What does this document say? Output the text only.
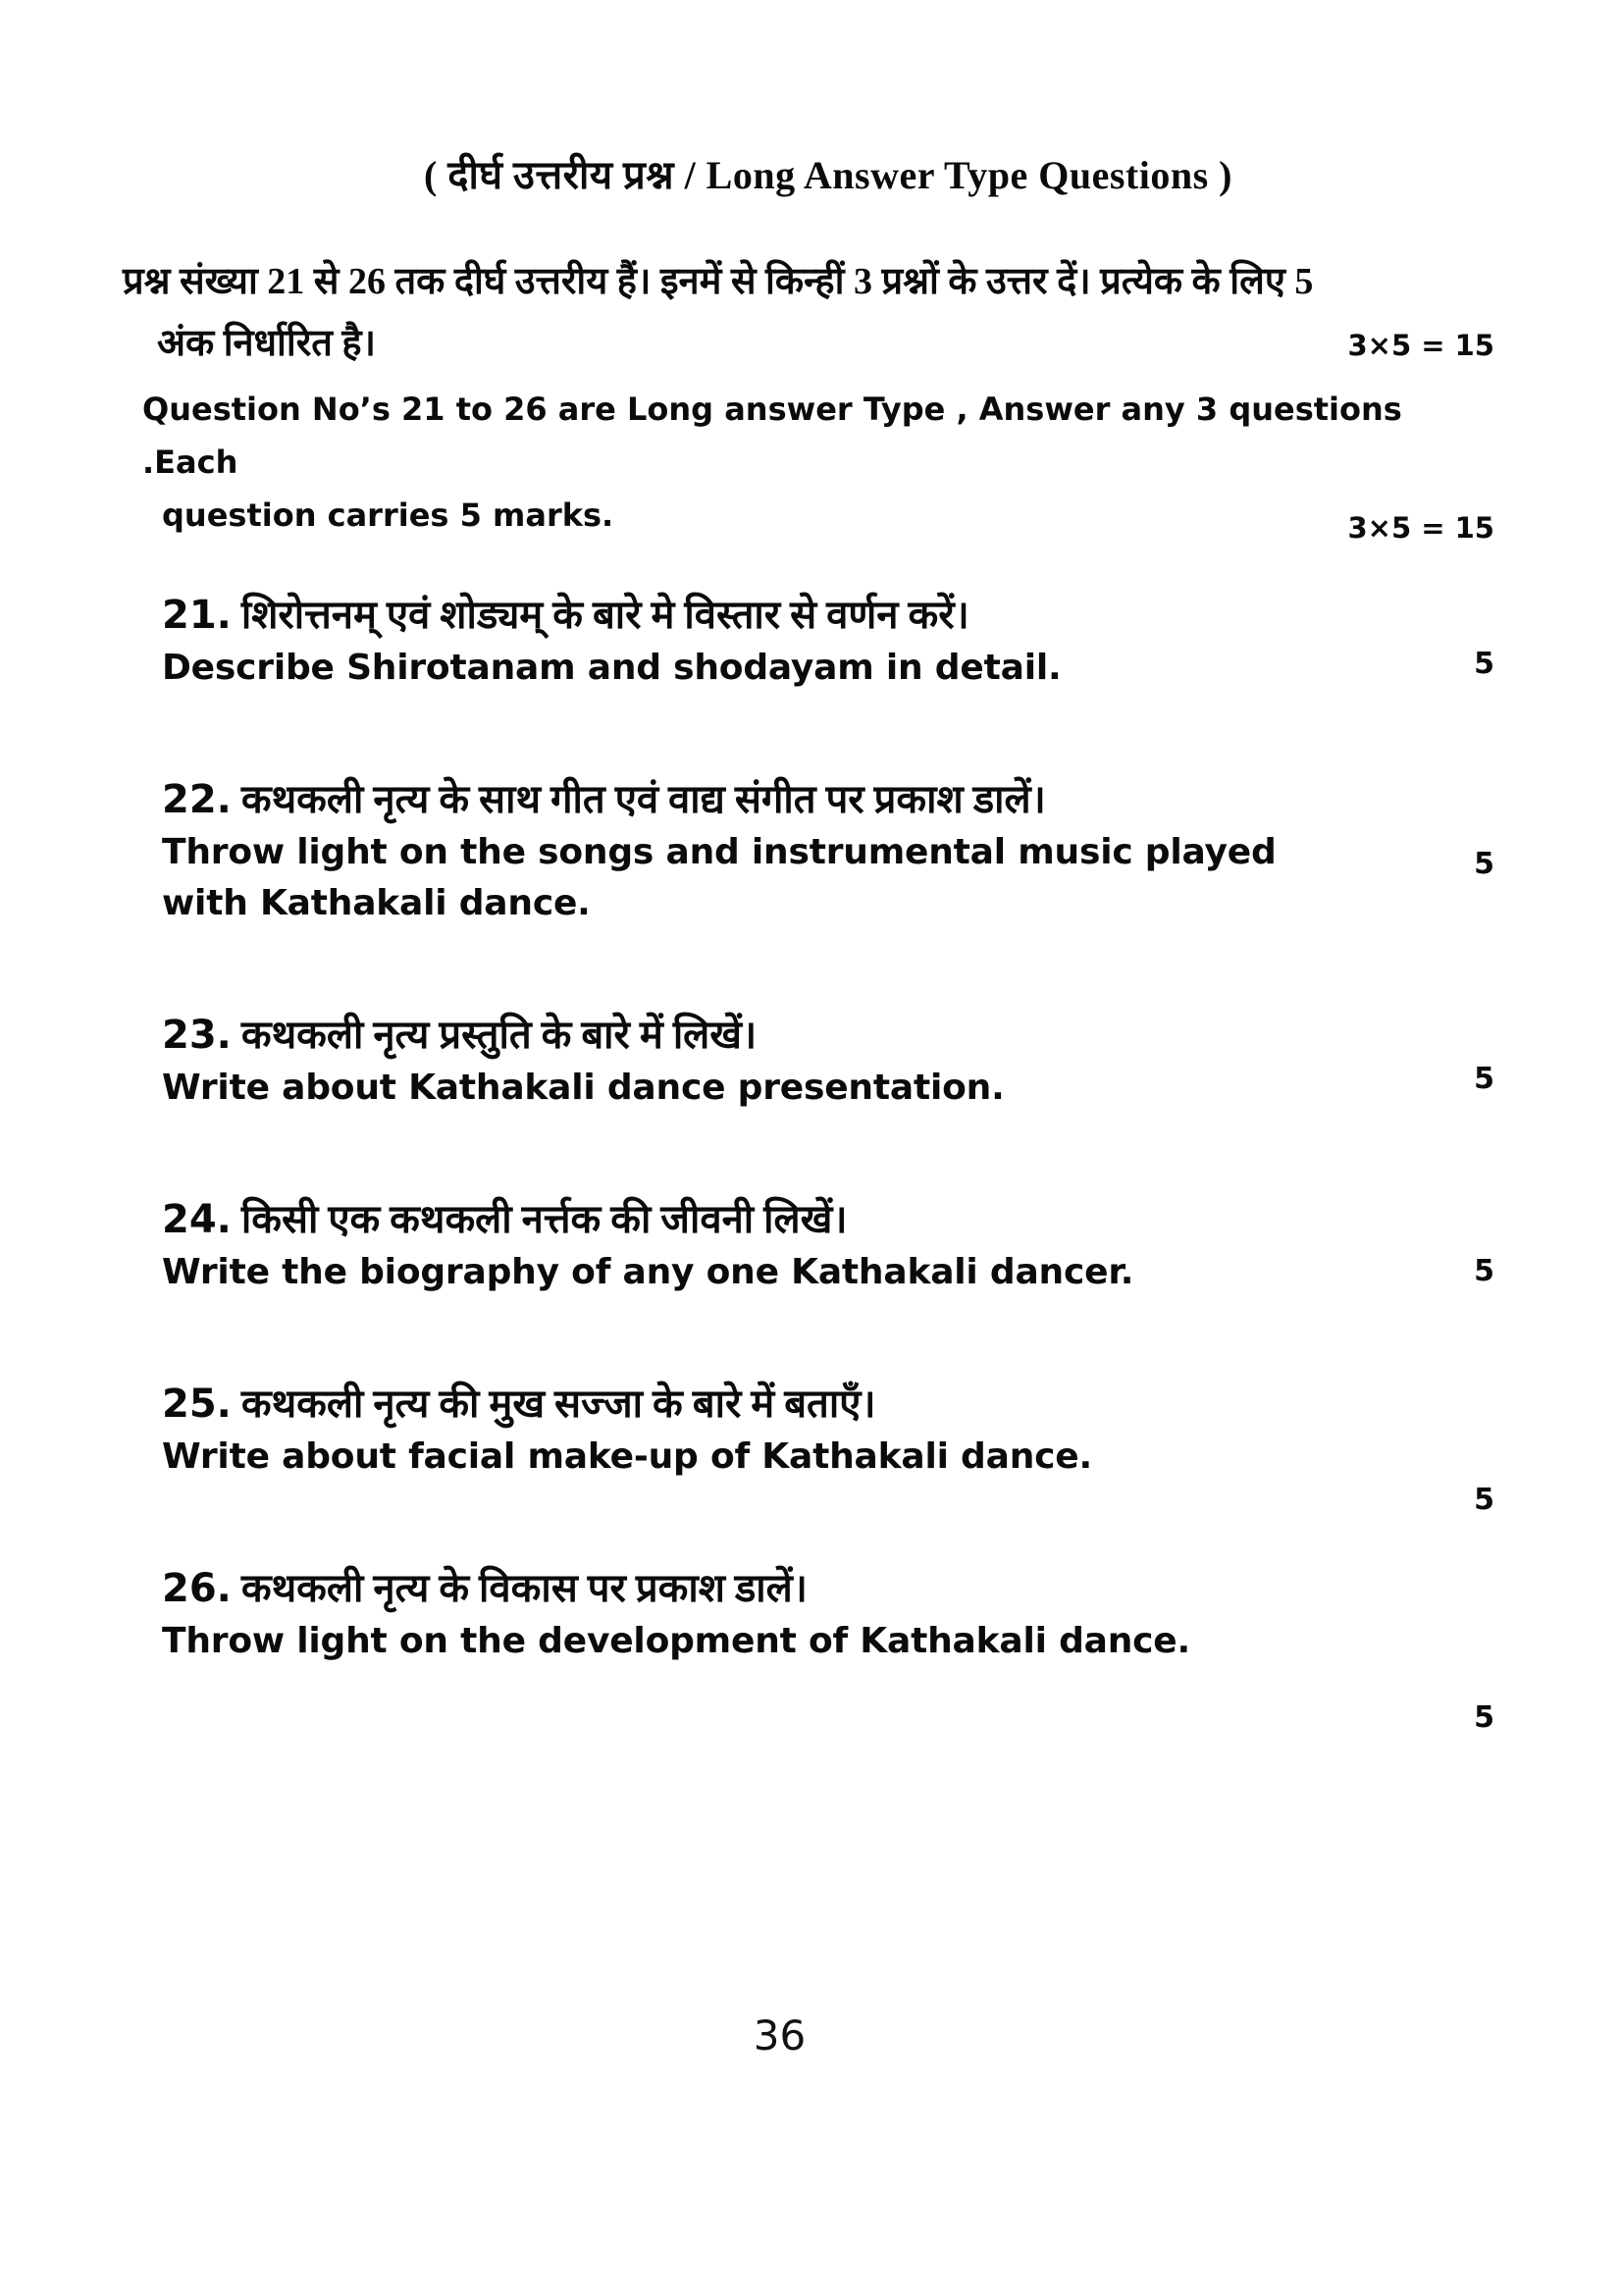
( दीर्घ उत्तरीय प्रश्न / Long Answer Type Questions )
प्रश्न संख्या 21 से 26 तक दीर्घ उत्तरीय हैं। इनमें से किन्हीं 3 प्रश्नों के उत्तर दें। प्रत्येक के लिए 5
अंक निर्धारित है।	3×5 = 15
Question No’s 21 to 26 are Long answer Type , Answer any 3 questions .Each
question carries 5 marks.	3×5 = 15
21. शिरोत्तनम् एवं शोड्यम् के बारे मे विस्तार से वर्णन करें।
Describe Shirotanam and shodayam in detail.	5
22. कथकली नृत्य के साथ गीत एवं वाद्य संगीत पर प्रकाश डालें।
Throw light on the songs and instrumental music played
with Kathakali dance.
5
23. कथकली नृत्य प्रस्तुति के बारे में लिखें।
Write about Kathakali dance presentation.	5
24. किसी एक कथकली नर्त्तक की जीवनी लिखें।
Write the biography of any one Kathakali dancer.	5
25. कथकली नृत्य की मुख सज्जा के बारे में बताएँ।
Write about facial make-up of Kathakali dance.
5
26. कथकली नृत्य के विकास पर प्रकाश डालें।
Throw light on the development of Kathakali dance.
5
36
